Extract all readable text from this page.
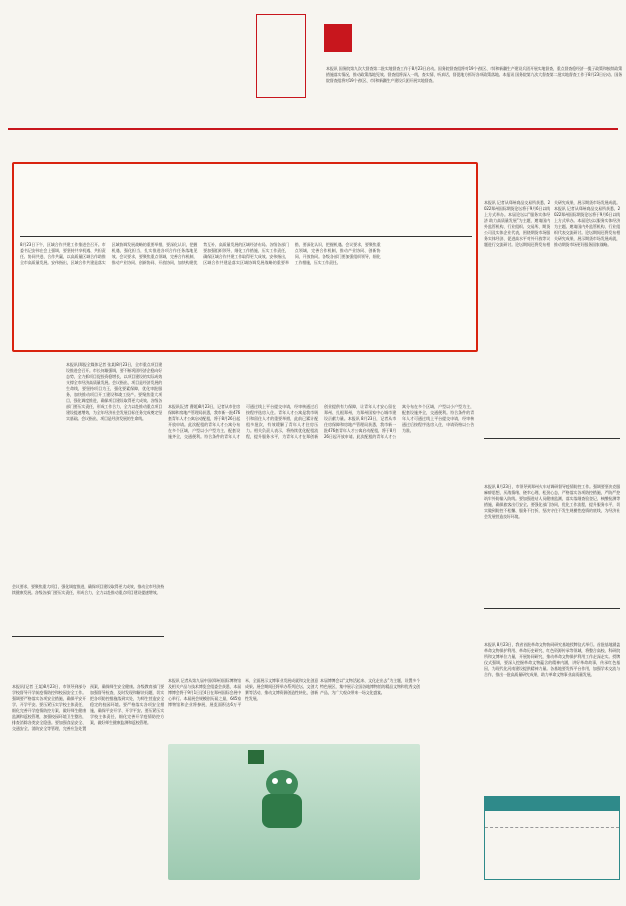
本报讯 国务院第九次大督查第二批实地督查工作于8月23日启动。国务院督查组将对19个省(区、市)和新疆生产建设兵团开展实地督查，重点督查稳经济一揽子政策和接续政策措施落实情况，推动政策落地见效。督查组将深入一线，查实情、听真话，督促地方抓好各项政策落地。本报讯 国务院第九次大督查第二批实地督查工作于8月23日启动。国务院督查组将对19个省(区、市)和新疆生产建设兵团开展实地督查。
8月23日下午，区域合作共建工作推进会召开。市委书记安伟在会上强调，要坚持共享机遇、共担责任、协同共进、合作共赢，以高质量区域合作助推全市高质量发展。安伟指出，区域合作共建是落实区域协调发展战略的重要举措，要深化认识，把握机遇，强化担当，扎实推进各项合作任务落地见效。会议要求，要聚焦重点领域，完善合作机制，推动产业协同、创新协同、开放协同，加快构建优势互补、高质量发展的区域经济布局。各级各部门要加强组织领导，细化工作措施，压实工作责任，确保区域合作共建工作取得更大成效。安伟指出，区域合作共建是落实区域协调发展战略的重要举措，要深化认识，把握机遇。会议要求，要聚焦重点领域，完善合作机制，推动产业协同、创新协同、开放协同。各级各部门要加强组织领导，细化工作措施，压实工作责任。
本报讯 记者从郑州商品交易所获悉，2022郑州国际期货论坛将于9月6日以线上方式举办。本届论坛以“服务实体经济 助力高质量发展”为主题，邀请国内外监管机构、行业组织、交易所、期货公司及实体企业代表，围绕期货市场服务实体经济、促进高水平对外开放等议题进行交流研讨。论坛期间还将发布相关研究成果，展示期货市场发展成就。本报讯 记者从郑州商品交易所获悉，2022郑州国际期货论坛将于9月6日以线上方式举办。本届论坛以服务实体经济为主题。邀请国内外监管机构、行业组织代表交流研讨。论坛期间还将发布相关研究成果，展示期货市场发展成就，推动期货市场更好服务国家战略。
本报讯 8月23日，市领导到郑州火车站调研督导疫情防控工作。强调要坚决克服麻痹思想、厌战情绪、侥幸心理、松劲心态，严格落实各项防控措施，严防严控筑牢外防输入防线。要加强进站人员健康监测，落实落细查验登记、核酸检测等措施，确保旅客出行安全。要强化部门协同，优化工作流程，提升服务水平，切实做到防控不松懈、服务不打折，坚决守住不发生规模性疫情的底线，为经济社会发展营造良好环境。
本报讯 8月23日，我省首批革命文物协同研究基地授牌仪式举行。首批基地涵盖革命文物保护利用、革命历史研究、红色资源传承等领域，将整合高校、科研院所和文博单位力量，开展协同研究，推动革命文物保护利用工作走深走实。授牌仪式强调，要深入挖掘革命文物蕴含的精神内涵，讲好革命故事，传承红色基因，为现代化河南建设提供精神力量。各基地要发挥平台作用，加强学术交流与合作，推出一批高质量研究成果，助力革命文物事业高质量发展。
本报讯(郑报全媒体记者 张某)8月23日，全市重点项目建设推进会召开。市长何雄强调，要不断巩固经济企稳向好态势，全力抓项目促投资稳增长，以项目建设的实际成效支撑全市经济高质量发展。会议指出，项目是经济发展的生命线，要坚持项目为王，强化要素保障，优化审批服务，加快推动项目开工建设和竣工投产。要聚焦重大项目，强化调度推进，确保项目建设取得更大成效。各级各部门要压实责任，形成工作合力，全力以赴推动重点项目建设提速增效，为全年经济社会发展目标任务完成奠定坚实基础。会议指出，项目是经济发展的生命线。
会议要求，要聚焦重大项目，强化调度推进，确保项目建设取得更大成效，推动全市经济持续健康发展。各级各部门要压实责任，形成合力，全力以赴推动重点项目建设提速增效。
本报讯(记者 曹媛)8月23日，记者从市住房保障和房地产管理局获悉，我市新一批476套青年人才公寓启动配租，将于8月26日起开放申请。此次配租的青年人才公寓分布在多个区域，户型以小户型为主，配套设施齐全，交通便利。符合条件的青年人才可通过线上平台提交申请，经审核通过后按程序选房入住。青年人才公寓是我市吸引和留住人才的重要举措，此前已累计配租多批次，有效缓解了青年人才住房压力。相关负责人表示，将持续优化配租流程，提升服务水平，为青年人才在郑创新创业提供有力保障，让青年人才安心留在郑州、扎根郑州，为郑州国家中心城市建设贡献力量。本报讯 8月23日，记者从市住房保障和房地产管理局获悉，我市新一批476套青年人才公寓启动配租，将于8月26日起开放申请。此次配租的青年人才公寓分布在多个区域，户型以小户型为主，配套设施齐全，交通便利。符合条件的青年人才可通过线上平台提交申请，经审核通过后按程序选房入住，申请资格以公告为准。
本报讯(记者 王某)8月23日，市领导到部分学校督导开学前疫情防控和校园安全工作。强调要严格落实各项安全措施，确保平安开学、开学平安。要压紧压实学校主体责任，细化完善开学疫情防控方案，做好师生健康监测和返校管理，加强校园环境卫生整治，排查消除各类安全隐患。要加强食品安全、交通安全、消防安全等管理，完善应急处置预案，确保师生安全健康。各级教育部门要加强督导检查，及时发现和解决问题，切实把各项防控措施落到实处，为师生营造安全稳定的校园环境。要严格落实各项安全措施，确保平安开学、开学平安。要压紧压实学校主体责任，细化完善开学疫情防控方案，做好师生健康监测和返校管理。
本报讯 记者从第九届中国(郑州)国际博物馆及相关产品与技术博览会组委会获悉，本届博博会将于9月1日至4日在郑州国际会展中心举行。本届展会规模创历届之最，645家博物馆和企业将参展，展览面积达6万平米，全面展示文博事业发展成就和文化创意成果。展会期间还将举办系列论坛、文创大赛等活动，推动文博资源创造性转化、创新性发展。
本届博博会以“文物活起来、文化走出去”为主题，设置多个特色展区，集中展示全国各地博物馆的精品文物和优秀文创产品，为广大观众带来一场文化盛宴。
